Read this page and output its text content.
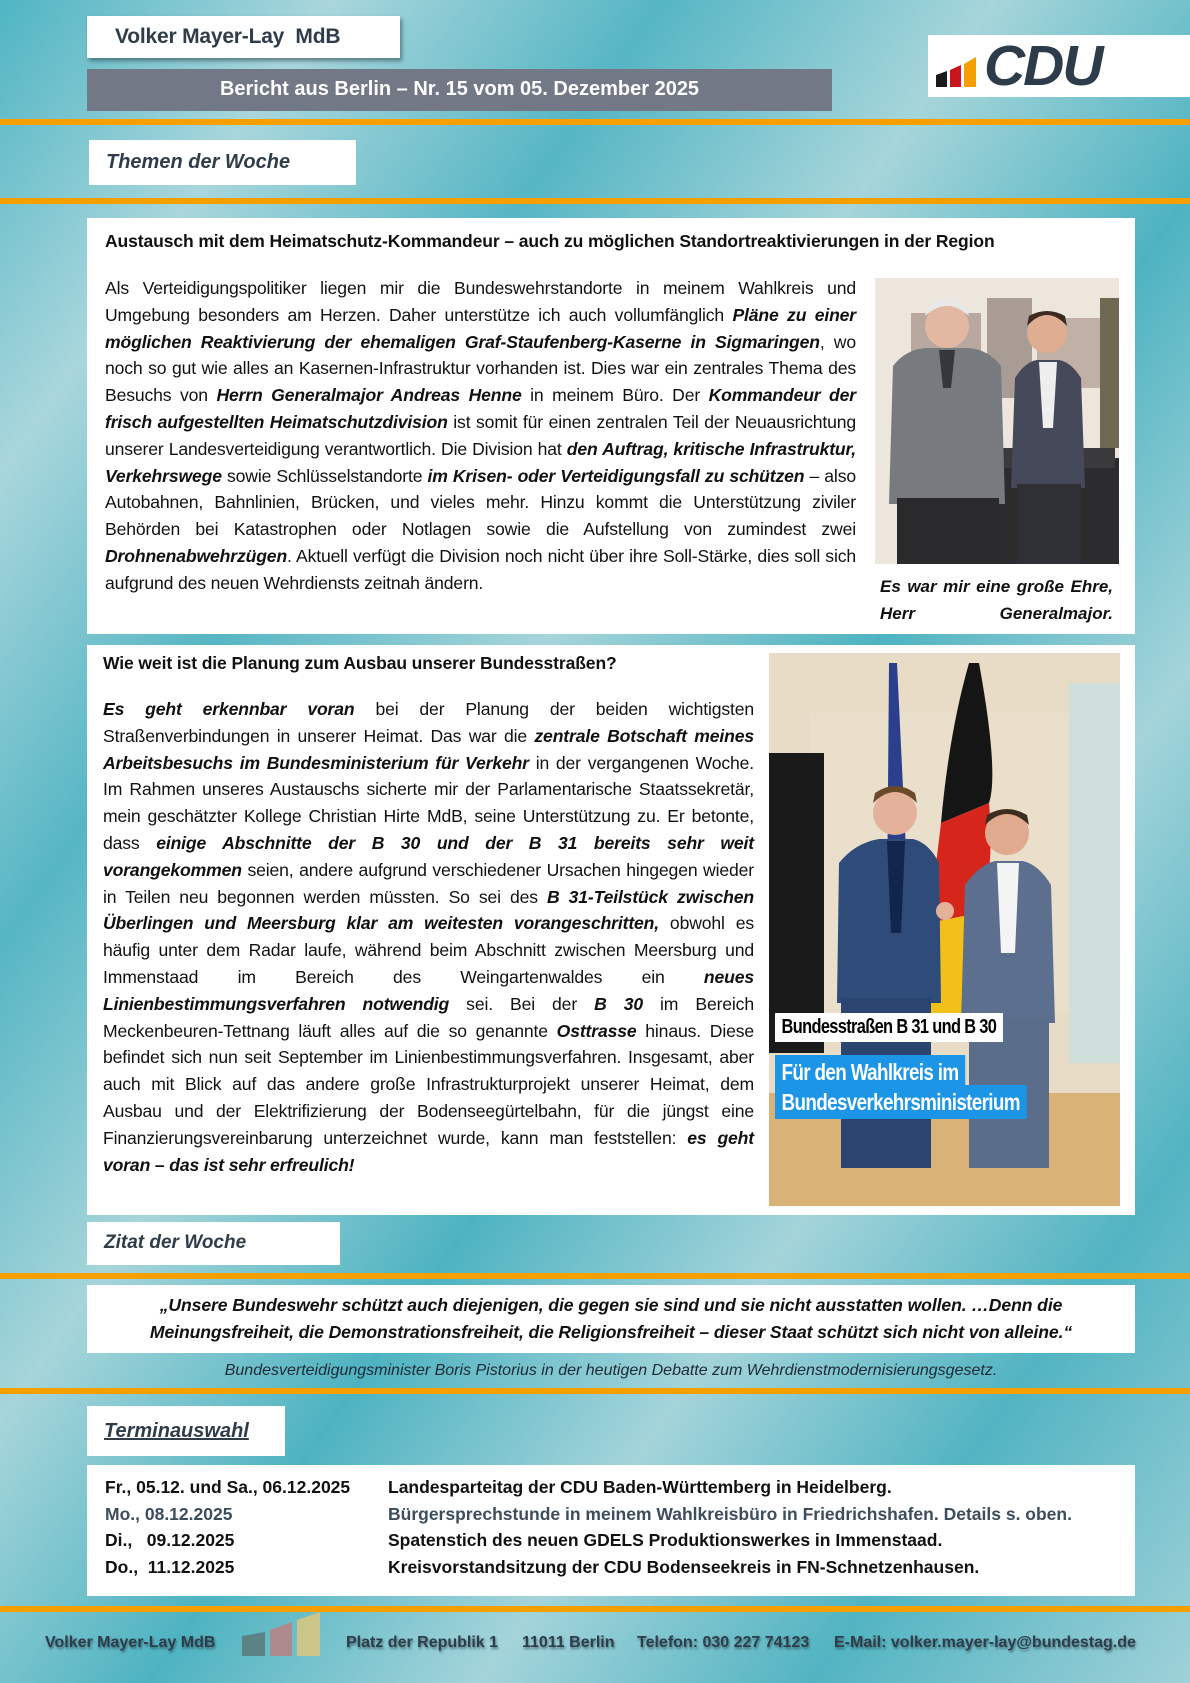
Volker Mayer-Lay  MdB
Bericht aus Berlin – Nr. 15 vom 05. Dezember 2025	CDU
Themen der Woche
Austausch mit dem Heimatschutz-Kommandeur – auch zu möglichen Standortreaktivierungen in der Region
Als Verteidigungspolitiker liegen mir die Bundeswehrstandorte in meinem Wahlkreis und Umgebung besonders am Herzen. Daher unterstütze ich auch vollumfänglich Pläne zu einer möglichen Reaktivierung der ehemaligen Graf-Staufenberg-Kaserne in Sigmaringen, wo noch so gut wie alles an Kasernen-Infrastruktur vorhanden ist. Dies war ein zentrales Thema des Besuchs von Herrn Generalmajor Andreas Henne in meinem Büro. Der Kommandeur der frisch aufgestellten Heimatschutzdivision ist somit für einen zentralen Teil der Neuausrichtung unserer Landesverteidigung verantwortlich. Die Division hat den Auftrag, kritische Infrastruktur, Verkehrswege sowie Schlüsselstandorte im Krisen- oder Verteidigungsfall zu schützen – also Autobahnen, Bahnlinien, Brücken, und vieles mehr. Hinzu kommt die Unterstützung ziviler Behörden bei Katastrophen oder Notlagen sowie die Aufstellung von zumindest zwei Drohnenabwehrzügen. Aktuell verfügt die Division noch nicht über ihre Soll-Stärke, dies soll sich aufgrund des neuen Wehrdiensts zeitnah ändern.	Es war mir eine große Ehre, Herr Generalmajor.
Wie weit ist die Planung zum Ausbau unserer Bundesstraßen?
Es geht erkennbar voran bei der Planung der beiden wichtigsten Straßenverbindungen in unserer Heimat. Das war die zentrale Botschaft meines Arbeitsbesuchs im Bundesministerium für Verkehr in der vergangenen Woche. Im Rahmen unseres Austauschs sicherte mir der Parlamentarische Staatssekretär, mein geschätzter Kollege Christian Hirte MdB, seine Unterstützung zu. Er betonte, dass einige Abschnitte der B 30 und der B 31 bereits sehr weit vorangekommen seien, andere aufgrund verschiedener Ursachen hingegen wieder in Teilen neu begonnen werden müssten. So sei des B 31-Teilstück zwischen Überlingen und Meersburg klar am weitesten vorangeschritten, obwohl es häufig unter dem Radar laufe, während beim Abschnitt zwischen Meersburg und Immenstaad im Bereich des Weingartenwaldes ein neues Linienbestimmungsverfahren notwendig sei. Bei der B 30 im Bereich Meckenbeuren-Tettnang läuft alles auf die so genannte Osttrasse hinaus. Diese befindet sich nun seit September im Linienbestimmungsverfahren. Insgesamt, aber auch mit Blick auf das andere große Infrastrukturprojekt unserer Heimat, dem Ausbau und der Elektrifizierung der Bodenseegürtelbahn, für die jüngst eine Finanzierungsvereinbarung unterzeichnet wurde, kann man feststellen: es geht voran – das ist sehr erfreulich!
Bundesstraßen B 31 und B 30
Für den Wahlkreis im
Bundesverkehrsministerium
Zitat der Woche
„Unsere Bundeswehr schützt auch diejenigen, die gegen sie sind und sie nicht ausstatten wollen. …Denn die
Meinungsfreiheit, die Demonstrationsfreiheit, die Religionsfreiheit – dieser Staat schützt sich nicht von alleine.“
Bundesverteidigungsminister Boris Pistorius in der heutigen Debatte zum Wehrdienstmodernisierungsgesetz.
Terminauswahl
Fr., 05.12. und Sa., 06.12.2025 Landesparteitag der CDU Baden-Württemberg in Heidelberg.
Mo., 08.12.2025	Bürgersprechstunde in meinem Wahlkreisbüro in Friedrichshafen. Details s. oben.
Di.,   09.12.2025	Spatenstich des neuen GDELS Produktionswerkes in Immenstaad.
Do.,  11.12.2025	Kreisvorstandsitzung der CDU Bodenseekreis in FN-Schnetzenhausen.
Volker Mayer-Lay MdB	Platz der Republik 1 11011 Berlin Telefon: 030 227 74123 E-Mail: volker.mayer-lay@bundestag.de
